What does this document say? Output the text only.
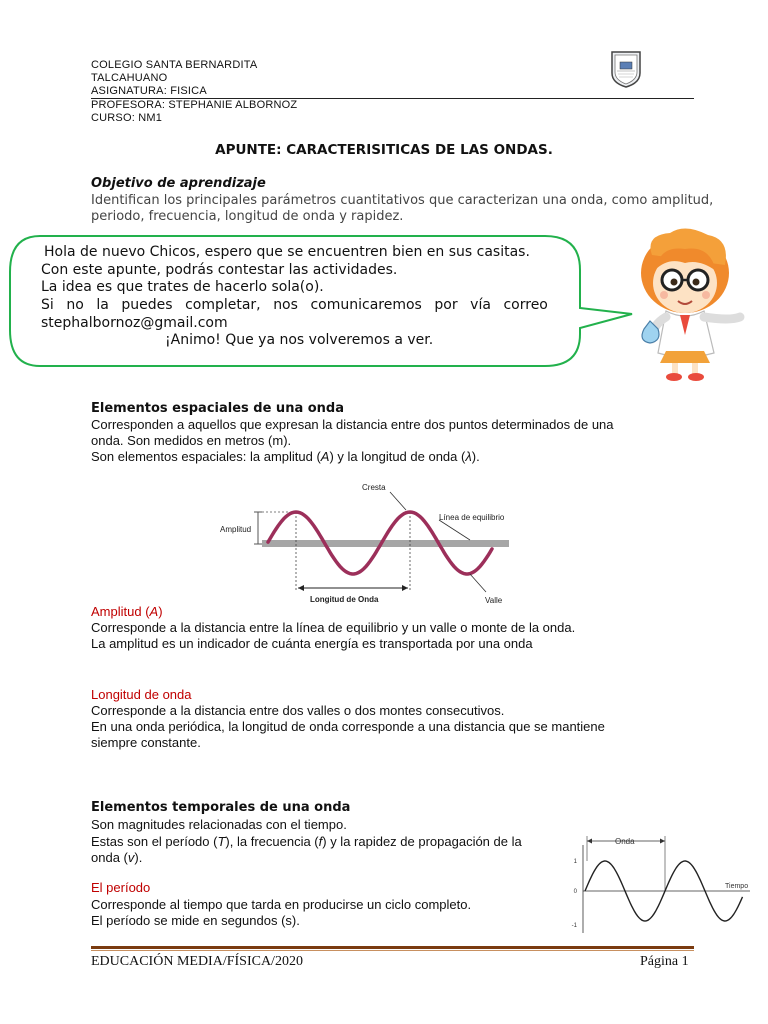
COLEGIO SANTA BERNARDITA
TALCAHUANO
ASIGNATURA: FISICA
PROFESORA: STEPHANIE ALBORNOZ
CURSO: NM1
APUNTE: CARACTERISITICAS DE LAS ONDAS.
Objetivo de aprendizaje
Identifican los principales parámetros cuantitativos que caracterizan una onda, como amplitud,
periodo, frecuencia, longitud de onda y rapidez.
Hola de nuevo Chicos, espero que se encuentren bien en sus casitas.
Con este apunte, podrás contestar las actividades.
La idea es que trates de hacerlo sola(o).
Si no la puedes completar, nos comunicaremos por vía correo
stephalbornoz@gmail.com
¡Animo! Que ya nos volveremos a ver.
Elementos espaciales de una onda
Corresponden a aquellos que expresan la distancia entre dos puntos determinados de una
onda. Son medidos en metros (m).
Son elementos espaciales: la amplitud (A) y la longitud de onda (λ).
Cresta
Amplitud
Línea de equilibrio
Longitud de Onda	Valle
Amplitud (A)
Corresponde a la distancia entre la línea de equilibrio y un valle o monte de la onda.
La amplitud es un indicador de cuánta energía es transportada por una onda
Longitud de onda
Corresponde a la distancia entre dos valles o dos montes consecutivos.
En una onda periódica, la longitud de onda corresponde a una distancia que se mantiene
siempre constante.
Elementos temporales de una onda
Son magnitudes relacionadas con el tiempo.
Estas son el período (T), la frecuencia (f) y la rapidez de propagación de la
onda (v).
El período
Corresponde al tiempo que tarda en producirse un ciclo completo.
El período se mide en segundos (s).
Onda
1
0
-1
Tiempo
EDUCACIÓN MEDIA/FÍSICA/2020	Página 1
